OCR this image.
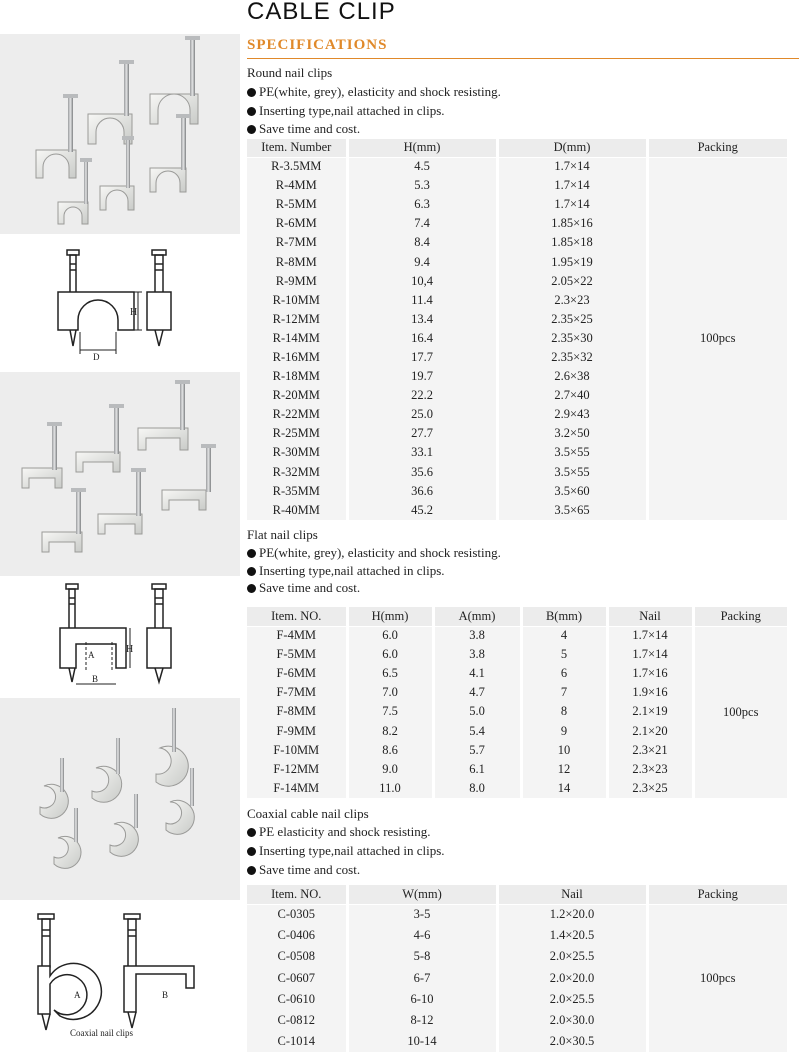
CABLE CLIP
SPECIFICATIONS
H
D
H
A
B
A	B
Coaxial nail clips
Round nail clips
PE(white, grey), elasticity and shock resisting.
Inserting type,nail attached in clips.
Save time and cost.
Item. Number	H(mm)	D(mm)	Packing
R-3.5MM	4.5	1.7×14	100pcs
R-4MM	5.3	1.7×14	
R-5MM	6.3	1.7×14	
R-6MM	7.4	1.85×16	
R-7MM	8.4	1.85×18	
R-8MM	9.4	1.95×19	
R-9MM	10,4	2.05×22	
R-10MM	11.4	2.3×23	
R-12MM	13.4	2.35×25	
R-14MM	16.4	2.35×30	
R-16MM	17.7	2.35×32	
R-18MM	19.7	2.6×38	
R-20MM	22.2	2.7×40	
R-22MM	25.0	2.9×43	
R-25MM	27.7	3.2×50	
R-30MM	33.1	3.5×55	
R-32MM	35.6	3.5×55	
R-35MM	36.6	3.5×60	
R-40MM	45.2	3.5×65	
Flat nail clips
PE(white, grey), elasticity and shock resisting.
Inserting type,nail attached in clips.
Save time and cost.
Item. NO.	H(mm)	A(mm)	B(mm)	Nail	Packing
F-4MM	6.0	3.8	4	1.7×14	100pcs
F-5MM	6.0	3.8	5	1.7×14	
F-6MM	6.5	4.1	6	1.7×16	
F-7MM	7.0	4.7	7	1.9×16	
F-8MM	7.5	5.0	8	2.1×19	
F-9MM	8.2	5.4	9	2.1×20	
F-10MM	8.6	5.7	10	2.3×21	
F-12MM	9.0	6.1	12	2.3×23	
F-14MM	11.0	8.0	14	2.3×25	
Coaxial cable nail clips
PE elasticity and shock resisting.
Inserting type,nail attached in clips.
Save time and cost.
Item. NO.	W(mm)	Nail	Packing
C-0305	3-5	1.2×20.0	100pcs
C-0406	4-6	1.4×20.5	
C-0508	5-8	2.0×25.5	
C-0607	6-7	2.0×20.0	
C-0610	6-10	2.0×25.5	
C-0812	8-12	2.0×30.0	
C-1014	10-14	2.0×30.5	
